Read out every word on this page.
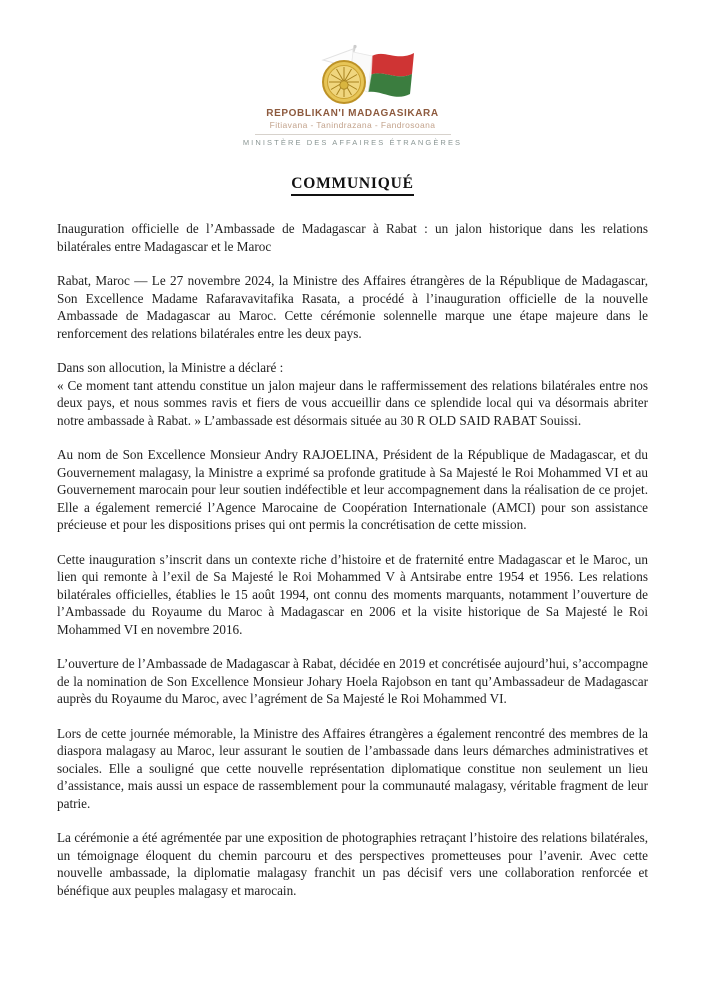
REPOBLIKAN'I MADAGASIKARA
Fitiavana - Tanindrazana - Fandrosoana
MINISTÈRE DES AFFAIRES ÉTRANGÈRES
COMMUNIQUÉ

Inauguration officielle de l’Ambassade de Madagascar à Rabat : un jalon historique dans les relations bilatérales entre Madagascar et le Maroc

Rabat, Maroc — Le 27 novembre 2024, la Ministre des Affaires étrangères de la République de Madagascar, Son Excellence Madame Rafaravavitafika Rasata, a procédé à l’inauguration officielle de la nouvelle Ambassade de Madagascar au Maroc. Cette cérémonie solennelle marque une étape majeure dans le renforcement des relations bilatérales entre les deux pays.

Dans son allocution, la Ministre a déclaré :

« Ce moment tant attendu constitue un jalon majeur dans le raffermissement des relations bilatérales entre nos deux pays, et nous sommes ravis et fiers de vous accueillir dans ce splendide local qui va désormais abriter notre ambassade à Rabat. » L’ambassade est désormais située au 30 R OLD SAID RABAT Souissi.

Au nom de Son Excellence Monsieur Andry RAJOELINA, Président de la République de Madagascar, et du Gouvernement malagasy, la Ministre a exprimé sa profonde gratitude à Sa Majesté le Roi Mohammed VI et au Gouvernement marocain pour leur soutien indéfectible et leur accompagnement dans la réalisation de ce projet. Elle a également remercié l’Agence Marocaine de Coopération Internationale (AMCI) pour son assistance précieuse et pour les dispositions prises qui ont permis la concrétisation de cette mission.

Cette inauguration s’inscrit dans un contexte riche d’histoire et de fraternité entre Madagascar et le Maroc, un lien qui remonte à l’exil de Sa Majesté le Roi Mohammed V à Antsirabe entre 1954 et 1956. Les relations bilatérales officielles, établies le 15 août 1994, ont connu des moments marquants, notamment l’ouverture de l’Ambassade du Royaume du Maroc à Madagascar en 2006 et la visite historique de Sa Majesté le Roi Mohammed VI en novembre 2016.

L’ouverture de l’Ambassade de Madagascar à Rabat, décidée en 2019 et concrétisée aujourd’hui, s’accompagne de la nomination de Son Excellence Monsieur Johary Hoela Rajobson en tant qu’Ambassadeur de Madagascar auprès du Royaume du Maroc, avec l’agrément de Sa Majesté le Roi Mohammed VI.

Lors de cette journée mémorable, la Ministre des Affaires étrangères a également rencontré des membres de la diaspora malagasy au Maroc, leur assurant le soutien de l’ambassade dans leurs démarches administratives et sociales. Elle a souligné que cette nouvelle représentation diplomatique constitue non seulement un lieu d’assistance, mais aussi un espace de rassemblement pour la communauté malagasy, véritable fragment de leur patrie.

La cérémonie a été agrémentée par une exposition de photographies retraçant l’histoire des relations bilatérales, un témoignage éloquent du chemin parcouru et des perspectives prometteuses pour l’avenir. Avec cette nouvelle ambassade, la diplomatie malagasy franchit un pas décisif vers une collaboration renforcée et bénéfique aux peuples malagasy et marocain.
